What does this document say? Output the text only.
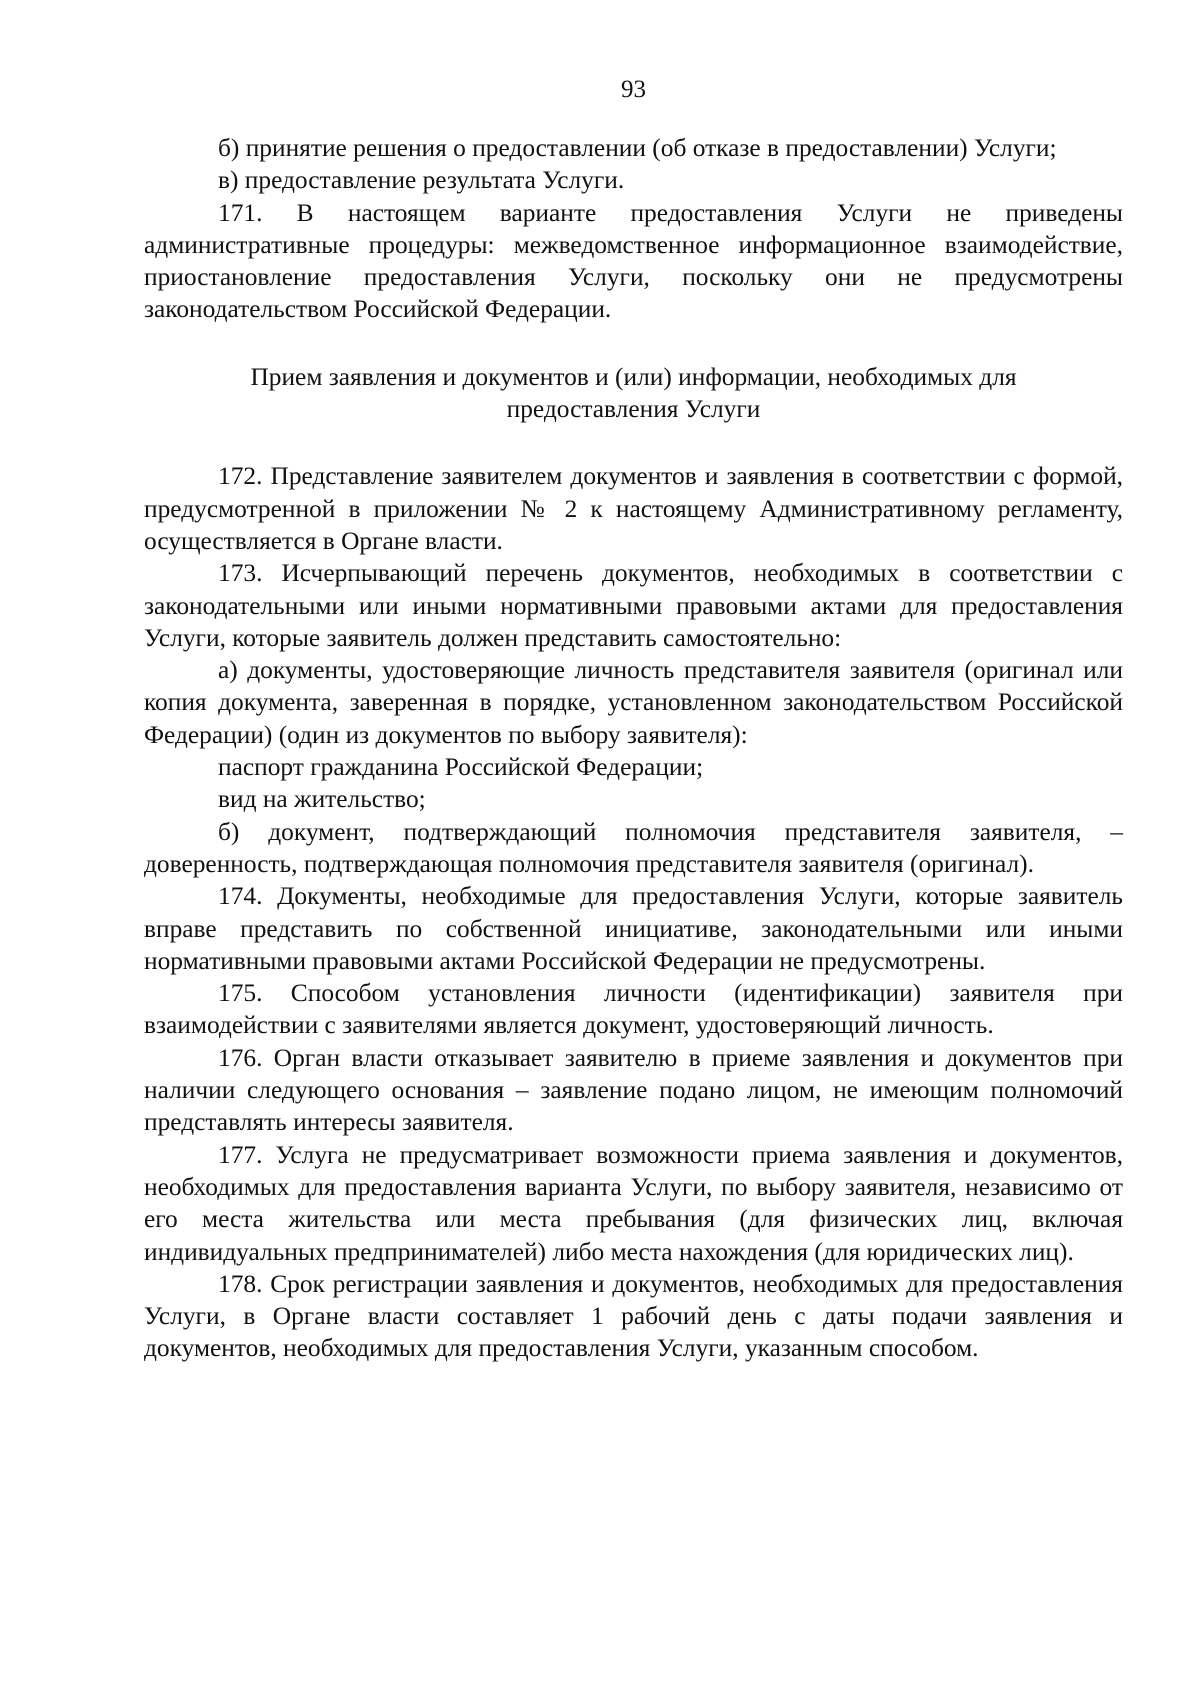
93

б) принятие решения о предоставлении (об отказе в предоставлении) Услуги;

в) предоставление результата Услуги.

171. В настоящем варианте предоставления Услуги не приведены административные процедуры: межведомственное информационное взаимодействие, приостановление предоставления Услуги, поскольку они не предусмотрены законодательством Российской Федерации.

Прием заявления и документов и (или) информации, необходимых для предоставления Услуги

172. Представление заявителем документов и заявления в соответствии с формой, предусмотренной в приложении № 2 к настоящему Административному регламенту, осуществляется в Органе власти.

173. Исчерпывающий перечень документов, необходимых в соответствии с законодательными или иными нормативными правовыми актами для предоставления Услуги, которые заявитель должен представить самостоятельно:

а) документы, удостоверяющие личность представителя заявителя (оригинал или копия документа, заверенная в порядке, установленном законодательством Российской Федерации) (один из документов по выбору заявителя):

паспорт гражданина Российской Федерации;

вид на жительство;

б) документ, подтверждающий полномочия представителя заявителя, – доверенность, подтверждающая полномочия представителя заявителя (оригинал).

174. Документы, необходимые для предоставления Услуги, которые заявитель вправе представить по собственной инициативе, законодательными или иными нормативными правовыми актами Российской Федерации не предусмотрены.

175. Способом установления личности (идентификации) заявителя при взаимодействии с заявителями является документ, удостоверяющий личность.

176. Орган власти отказывает заявителю в приеме заявления и документов при наличии следующего основания – заявление подано лицом, не имеющим полномочий представлять интересы заявителя.

177. Услуга не предусматривает возможности приема заявления и документов, необходимых для предоставления варианта Услуги, по выбору заявителя, независимо от его места жительства или места пребывания (для физических лиц, включая индивидуальных предпринимателей) либо места нахождения (для юридических лиц).

178. Срок регистрации заявления и документов, необходимых для предоставления Услуги, в Органе власти составляет 1 рабочий день с даты подачи заявления и документов, необходимых для предоставления Услуги, указанным способом.
